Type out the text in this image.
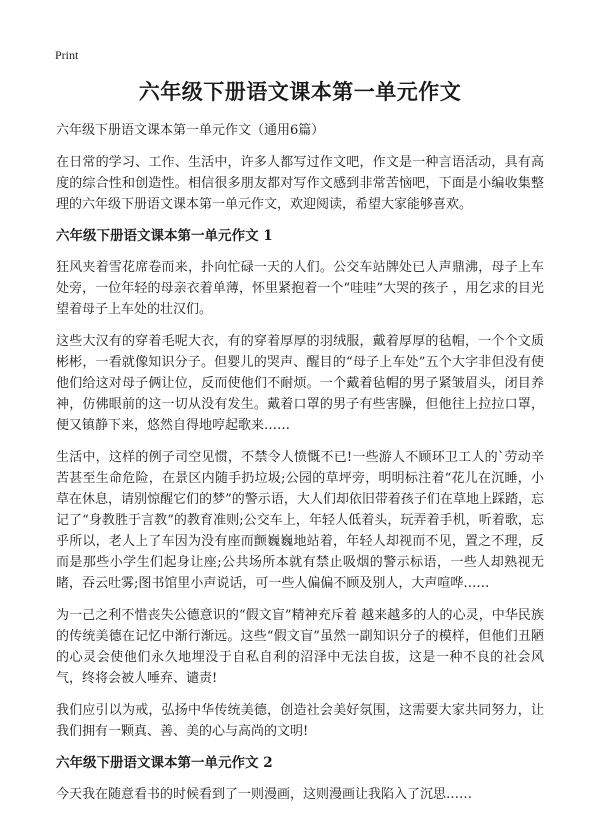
Print
六年级下册语文课本第一单元作文

六年级下册语文课本第一单元作文（通用6篇）

在日常的学习、工作、生活中，许多人都写过作文吧，作文是一种言语活动，具有高度的综合性和创造性。相信很多朋友都对写作文感到非常苦恼吧，下面是小编收集整理的六年级下册语文课本第一单元作文，欢迎阅读，希望大家能够喜欢。

六年级下册语文课本第一单元作文 1

狂风夹着雪花席卷而来，扑向忙碌一天的人们。公交车站牌处已人声鼎沸，母子上车处旁，一位年轻的母亲衣着单薄，怀里紧抱着一个“哇哇”大哭的孩子 ，用乞求的目光望着母子上车处的壮汉们。

这些大汉有的穿着毛呢大衣，有的穿着厚厚的羽绒服，戴着厚厚的毡帽，一个个文质彬彬，一看就像知识分子。但婴儿的哭声、醒目的“母子上车处”五个大字非但没有使他们给这对母子俩让位，反而使他们不耐烦。一个戴着毡帽的男子紧皱眉头，闭目养神，仿佛眼前的这一切从没有发生。戴着口罩的男子有些害臊，但他往上拉拉口罩，便又镇静下来，悠然自得地哼起歌来……

生活中，这样的例子司空见惯，不禁令人愤慨不已!一些游人不顾环卫工人的`劳动辛苦甚至生命危险，在景区内随手扔垃圾;公园的草坪旁，明明标注着“花儿在沉睡，小草在休息，请别惊醒它们的梦”的警示语，大人们却依旧带着孩子们在草地上踩踏，忘记了“身教胜于言教”的教育准则;公交车上，年轻人低着头，玩弄着手机，听着歌，忘乎所以，老人上了车因为没有座而颤巍巍地站着，年轻人却视而不见，置之不理，反而是那些小学生们起身让座;公共场所本就有禁止吸烟的警示标语，一些人却熟视无睹，吞云吐雾;图书馆里小声说话，可一些人偏偏不顾及别人，大声喧哗……

为一己之利不惜丧失公德意识的“假文盲”精神充斥着 越来越多的人的心灵，中华民族的传统美德在记忆中渐行渐远。这些“假文盲”虽然一副知识分子的模样，但他们丑陋的心灵会使他们永久地埋没于自私自利的沼泽中无法自拔，这是一种不良的社会风气，终将会被人唾弃、谴责!

我们应引以为戒，弘扬中华传统美德，创造社会美好氛围，这需要大家共同努力，让我们拥有一颗真、善、美的心与高尚的文明!

六年级下册语文课本第一单元作文 2

今天我在随意看书的时候看到了一则漫画，这则漫画让我陷入了沉思……
